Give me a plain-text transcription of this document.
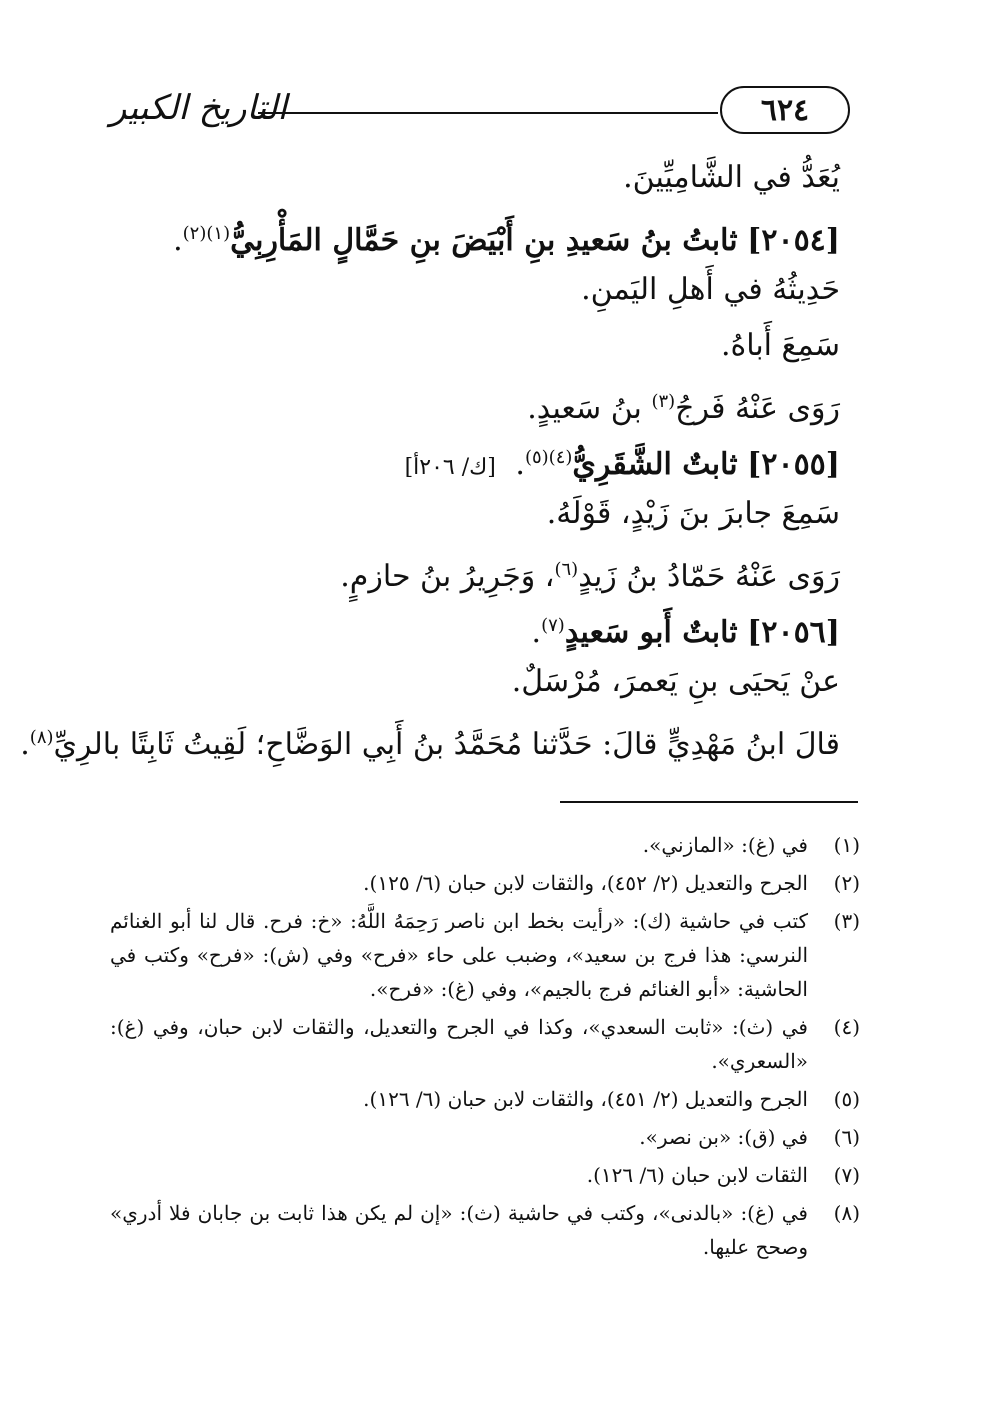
التاريخ الكبير	٦٢٤
يُعَدُّ في الشَّامِيِّينَ.
[٢٠٥٤] ثابتُ بنُ سَعيدِ بنِ أَبْيَضَ بنِ حَمَّالٍ المَأْرِبِيُّ$^{(١)(٢)}$.
حَدِيثُهُ في أَهلِ اليَمنِ.
سَمِعَ أَباهُ.
رَوَى عَنْهُ فَرجُ$^{(٣)}$ بنُ سَعيدٍ.
[٢٠٥٥] ثابتٌ الشَّقَرِيُّ$^{(٤)(٥)}$. [ك/ ٢٠٦أ]
سَمِعَ جابرَ بنَ زَيْدٍ، قَوْلَهُ.
رَوَى عَنْهُ حَمّادُ بنُ زَيدٍ$^{(٦)}$، وَجَرِيرُ بنُ حازمٍ.
[٢٠٥٦] ثابتٌ أَبو سَعيدٍ$^{(٧)}$.
عنْ يَحيَى بنِ يَعمرَ، مُرْسَلٌ.
قالَ ابنُ مَهْدِيٍّ قالَ: حَدَّثنا مُحَمَّدُ بنُ أَبِي الوَضَّاحِ؛ لَقِيتُ ثَابِتًا بالرِيِّ$^{(٨)}$.
(١)
في (غ): «المازني».
(٢)
الجرح والتعديل (٢/ ٤٥٢)، والثقات لابن حبان (٦/ ١٢٥).
(٣)
كتب في حاشية (ك): «رأيت بخط ابن ناصر رَحِمَهُ اللَّهُ: «خ: فرح. قال لنا أبو الغنائم النرسي: هذا فرج بن سعيد»، وضبب على حاء «فرح» وفي (ش): «فرح» وكتب في الحاشية: «أبو الغنائم فرج بالجيم»، وفي (غ): «فرح».
(٤)
في (ث): «ثابت السعدي»، وكذا في الجرح والتعديل، والثقات لابن حبان، وفي (غ): «السعري».
(٥)
الجرح والتعديل (٢/ ٤٥١)، والثقات لابن حبان (٦/ ١٢٦).
(٦)
في (ق): «بن نصر».
(٧)
الثقات لابن حبان (٦/ ١٢٦).
(٨)
في (غ): «بالدنى»، وكتب في حاشية (ث): «إن لم يكن هذا ثابت بن جابان فلا أدري» وصحح عليها.
